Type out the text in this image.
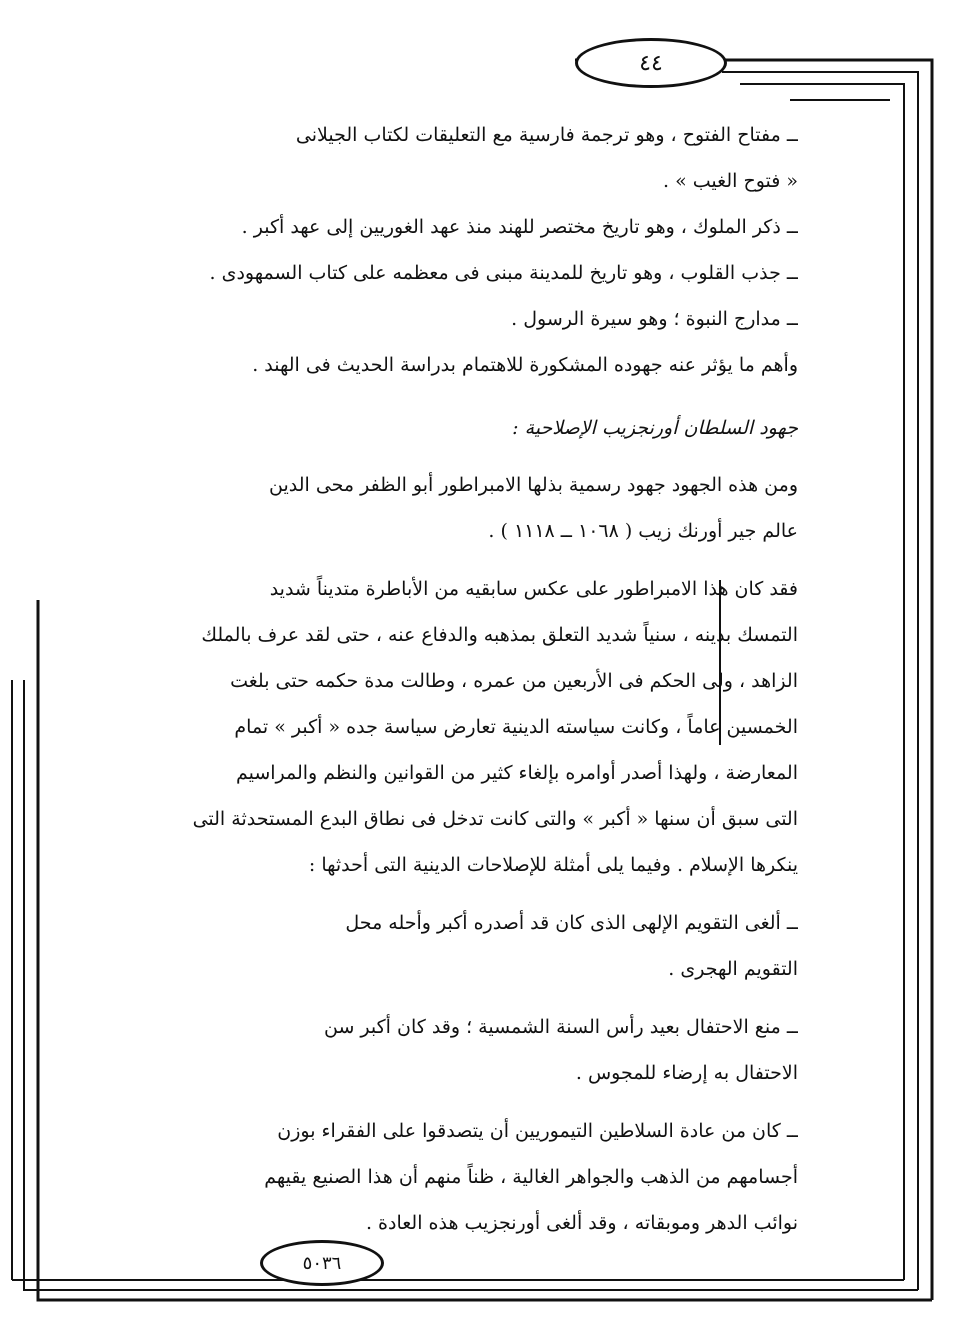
٤٤

ــ مفتاح الفتوح ، وهو ترجمة فارسية مع التعليقات لكتاب الجيلانى

« فتوح الغيب » .

ــ ذكر الملوك ، وهو تاريخ مختصر للهند منذ عهد الغوريين إلى عهد أكبر .

ــ جذب القلوب ، وهو تاريخ للمدينة مبنى فى معظمه على كتاب السمهودى .

ــ مدارج النبوة ؛ وهو سيرة الرسول .

وأهم ما يؤثر عنه جهوده المشكورة للاهتمام بدراسة الحديث فى الهند .

جهود السلطان أورنجزيب الإصلاحية :

ومن هذه الجهود جهود رسمية بذلها الامبراطور أبو الظفر محى الدين

عالم جير أورنك زيب ( ١٠٦٨ ــ ١١١٨ ) .

فقد كان هذا الامبراطور على عكس سابقيه من الأباطرة متديناً شديد

التمسك بدينه ، سنياً شديد التعلق بمذهبه والدفاع عنه ، حتى لقد عرف بالملك

الزاهد ، ولى الحكم فى الأربعين من عمره ، وطالت مدة حكمه حتى بلغت

الخمسين عاماً ، وكانت سياسته الدينية تعارض سياسة جده « أكبر » تمام

المعارضة ، ولهذا أصدر أوامره بإلغاء كثير من القوانين والنظم والمراسيم

التى سبق أن سنها « أكبر » والتى كانت تدخل فى نطاق البدع المستحدثة التى

ينكرها الإسلام . وفيما يلى أمثلة للإصلاحات الدينية التى أحدثها :

ــ ألغى التقويم الإلهى الذى كان قد أصدره أكبر وأحله محل

التقويم الهجرى .

ــ منع الاحتفال بعيد رأس السنة الشمسية ؛ وقد كان أكبر سن

الاحتفال به إرضاء للمجوس .

ــ كان من عادة السلاطين التيموريين أن يتصدقوا على الفقراء بوزن

أجسامهم من الذهب والجواهر الغالية ، ظناً منهم أن هذا الصنيع يقيهم

نوائب الدهر وموبقاته ، وقد ألغى أورنجزيب هذه العادة .

٥٠٣٦
